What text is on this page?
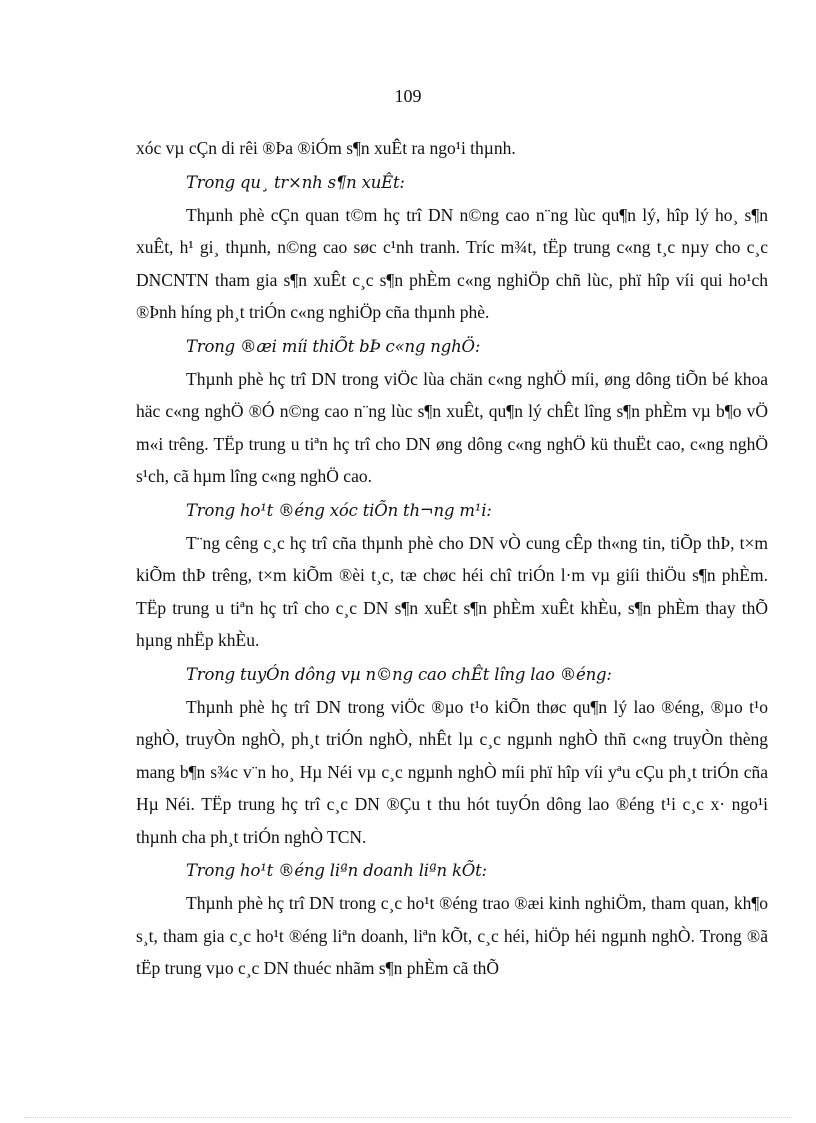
109

xóc vµ cÇn di rêi ®Þa ®iÓm s¶n xuÊt ra ngo¹i thµnh.

Trong qu¸ tr×nh s¶n xuÊt:

Thµnh phè cÇn quan t©m hç trî DN n©ng cao n¨ng lùc qu¶n lý, hîp lý ho¸ s¶n xuÊt, h¹ gi¸ thµnh, n©ng cao søc c¹nh tranh. Tríc m¾t, tËp trung c«ng t¸c nµy cho c¸c DNCNTN tham gia s¶n xuÊt c¸c s¶n phÈm c«ng nghiÖp chñ lùc, phï hîp víi qui ho¹ch ®Þnh híng ph¸t triÓn c«ng nghiÖp cña thµnh phè.

Trong ®æi míi thiÕt bÞ c«ng nghÖ:

Thµnh phè hç trî DN trong viÖc lùa chän c«ng nghÖ míi, øng dông tiÕn bé khoa häc c«ng nghÖ ®Ó n©ng cao n¨ng lùc s¶n xuÊt, qu¶n lý chÊt lîng s¶n phÈm vµ b¶o vÖ m«i trêng. TËp trung u tiªn hç trî cho DN øng dông c«ng nghÖ kü thuËt cao, c«ng nghÖ s¹ch, cã hµm lîng c«ng nghÖ cao.

Trong ho¹t ®éng xóc tiÕn th¬ng m¹i:

T¨ng cêng c¸c hç trî cña thµnh phè cho DN vÒ cung cÊp th«ng tin, tiÕp thÞ, t×m kiÕm thÞ trêng, t×m kiÕm ®èi t¸c, tæ chøc héi chî triÓn l·m vµ giíi thiÖu s¶n phÈm. TËp trung u tiªn hç trî cho c¸c DN s¶n xuÊt s¶n phÈm xuÊt khÈu, s¶n phÈm thay thÕ hµng nhËp khÈu.

Trong tuyÓn dông vµ n©ng cao chÊt lîng lao ®éng:

Thµnh phè hç trî DN trong viÖc ®µo t¹o kiÕn thøc qu¶n lý lao ®éng, ®µo t¹o nghÒ, truyÒn nghÒ, ph¸t triÓn nghÒ, nhÊt lµ c¸c ngµnh nghÒ thñ c«ng truyÒn thèng mang b¶n s¾c v¨n ho¸ Hµ Néi vµ c¸c ngµnh nghÒ míi phï hîp víi yªu cÇu ph¸t triÓn cña Hµ Néi. TËp trung hç trî c¸c DN ®Çu t thu hót tuyÓn dông lao ®éng t¹i c¸c x· ngo¹i thµnh cha ph¸t triÓn nghÒ TCN.

Trong ho¹t ®éng liªn doanh liªn kÕt:

Thµnh phè hç trî DN trong c¸c ho¹t ®éng trao ®æi kinh nghiÖm, tham quan, kh¶o s¸t, tham gia c¸c ho¹t ®éng liªn doanh, liªn kÕt, c¸c héi, hiÖp héi ngµnh nghÒ. Trong ®ã tËp trung vµo c¸c DN thuéc nhãm s¶n phÈm cã thÕ
